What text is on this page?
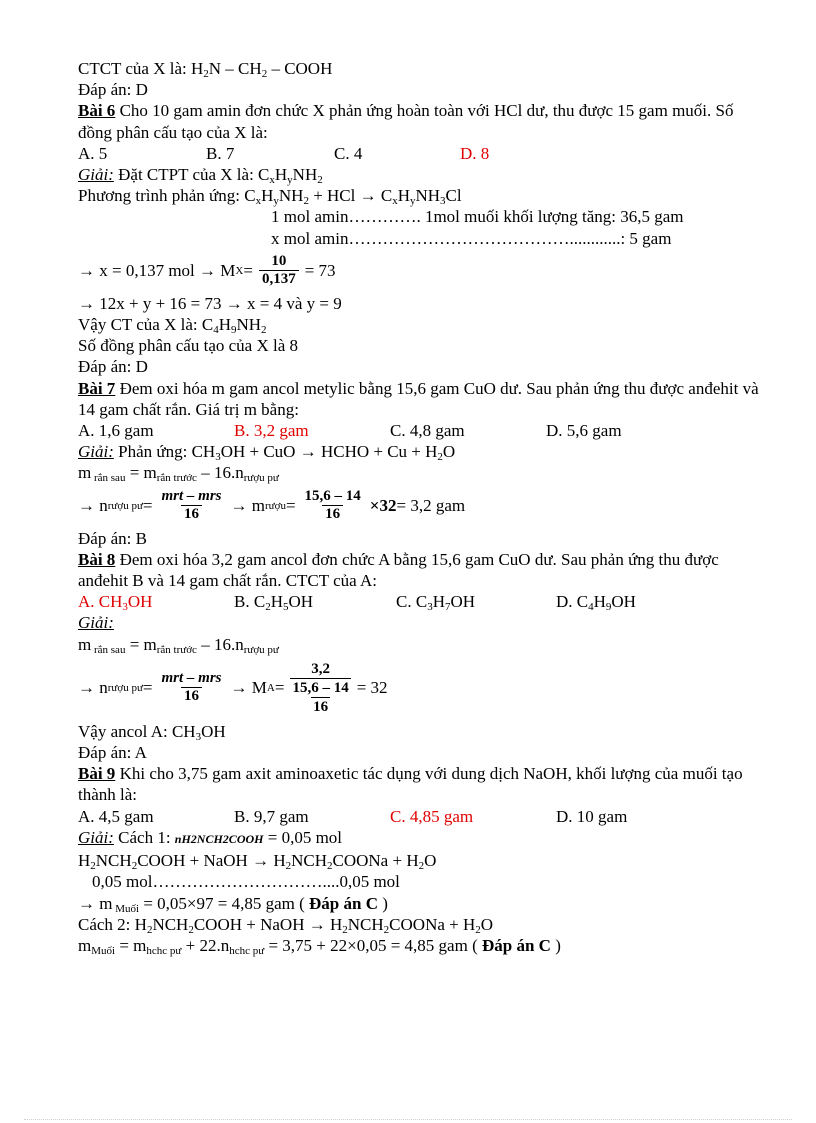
CTCT của X là: $H_2N - CH_2$ – COOH
Đáp án: D
Bài 6 Cho 10 gam amin đơn chức X phản ứng hoàn toàn với HCl dư, thu được 15 gam muối. Số đồng phân cấu tạo của X là:
A. 5	B. 7	C. 4	D. 8
Giải: Đặt CTPT của X là: $C_xH_yNH_2$
Phương trình phản ứng: $C_xH_yNH_2$ + HCl → $C_xH_yNH_3Cl$
1 mol amin…………. 1mol muối khối lượng tăng: 36,5 gam
x mol amin…………………………………............: 5 gam
→ x = 0,137 mol → M $X = \frac{10}{0,137} = 73$
→ 12x + y + 16 = 73 → x = 4 và y = 9
Vậy CT của X là: $C_4H_9NH_2$
Số đồng phân cấu tạo của X là 8
Đáp án: D
Bài 7 Đem oxi hóa m gam ancol metylic bằng 15,6 gam CuO dư. Sau phản ứng thu được anđehit và 14 gam chất rắn. Giá trị m bằng:
A. 1,6 gam	B. 3,2 gam	C. 4,8 gam	D. 5,6 gam
Giải: Phản ứng: $CH_3OH$ + CuO → HCHO + $Cu + H_2O$
m $_{rắn sau} = m_{rắn trước} - 16.n_{rượu pư}$
→ n rượu pư = $\frac{\text{mrt – mrs}}{16} \to m$ rượu = $\frac{15,6 - 14}{16} \times 32 = 3,2$ gam
Đáp án: B
Bài 8 Đem oxi hóa 3,2 gam ancol đơn chức A bằng 15,6 gam CuO dư. Sau phản ứng thu được anđehit B và 14 gam chất rắn. CTCT của A:
A. $CH_3OH$	B. $C_2H_5OH$	C. $C_3H_7OH$	D. $C_4H_9OH$
Giải:
m $_{rắn sau} = m_{rắn trước} - 16.n_{rượu pư}$
→ n rượu pư = $\frac{\text{mrt – mrs}}{16} \to M$ A = 3,2
15,6 – 14
16 = 32
Vậy ancol A: $CH_3OH$
Đáp án: A
Bài 9 Khi cho 3,75 gam axit aminoaxetic tác dụng với dung dịch NaOH, khối lượng của muối tạo thành là:
A. 4,5 gam	B. 9,7 gam	C. 4,85 gam	D. 10 gam
Giải: Cách 1: nH2NCH2COOH = 0,05 mol
$H_2NCH_2COOH$ + NaOH → $H_2NCH_2COONa + H_2O$
0,05 mol…………………………....0,05 mol
→ m $_{Muối}$ = 0,05×97 = 4,85 gam ( Đáp án C )
Cách 2: $H_2NCH_2COOH$ + NaOH → $H_2NCH_2COONa + H_2O$
$m_{Muối} = m_{hchc pư} + 22.n_{hchc pư} = 3,75 + 22\times 0,05 = 4,85$ gam ( Đáp án C )
